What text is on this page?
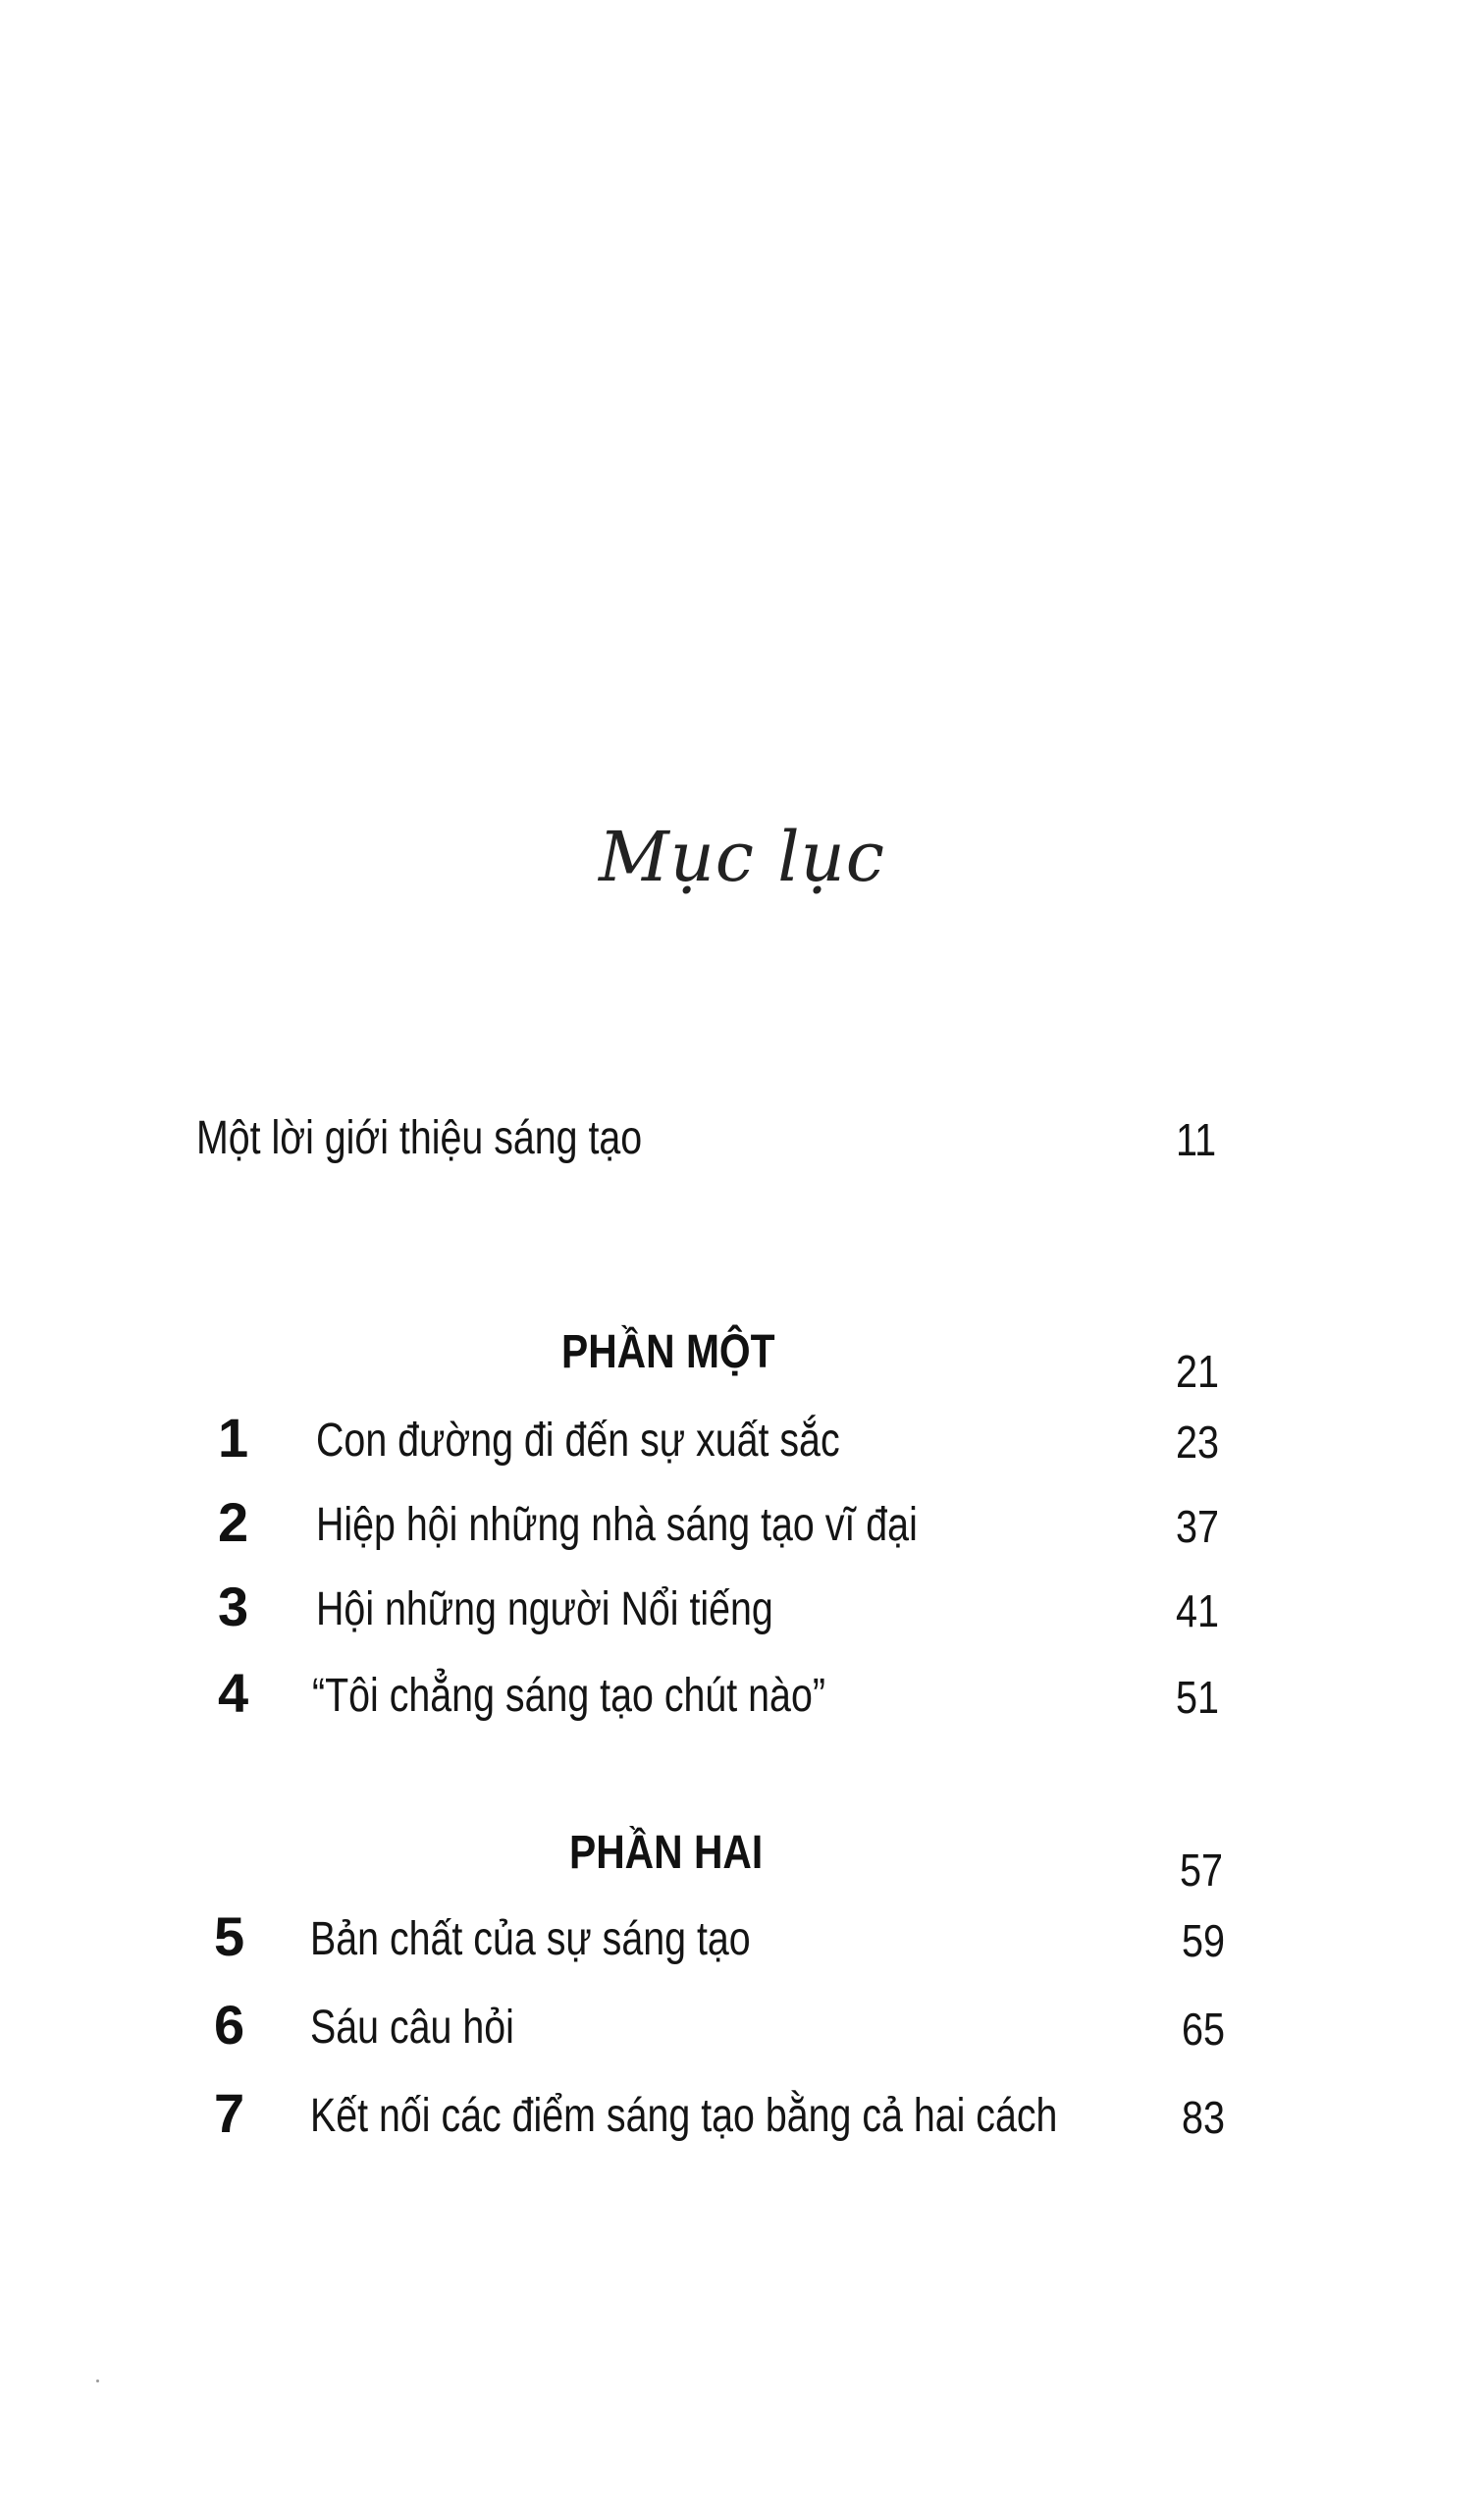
Mục lục
Một lời giới thiệu sáng tạo	11
PHẦN MỘT	21
1 Con đường đi đến sự xuất sắc	23
2 Hiệp hội những nhà sáng tạo vĩ đại	37
3 Hội những người Nổi tiếng	41
4 “Tôi chẳng sáng tạo chút nào”	51
PHẦN HAI	57
5 Bản chất của sự sáng tạo	59
6 Sáu câu hỏi	65
7 Kết nối các điểm sáng tạo bằng cả hai cách	83
